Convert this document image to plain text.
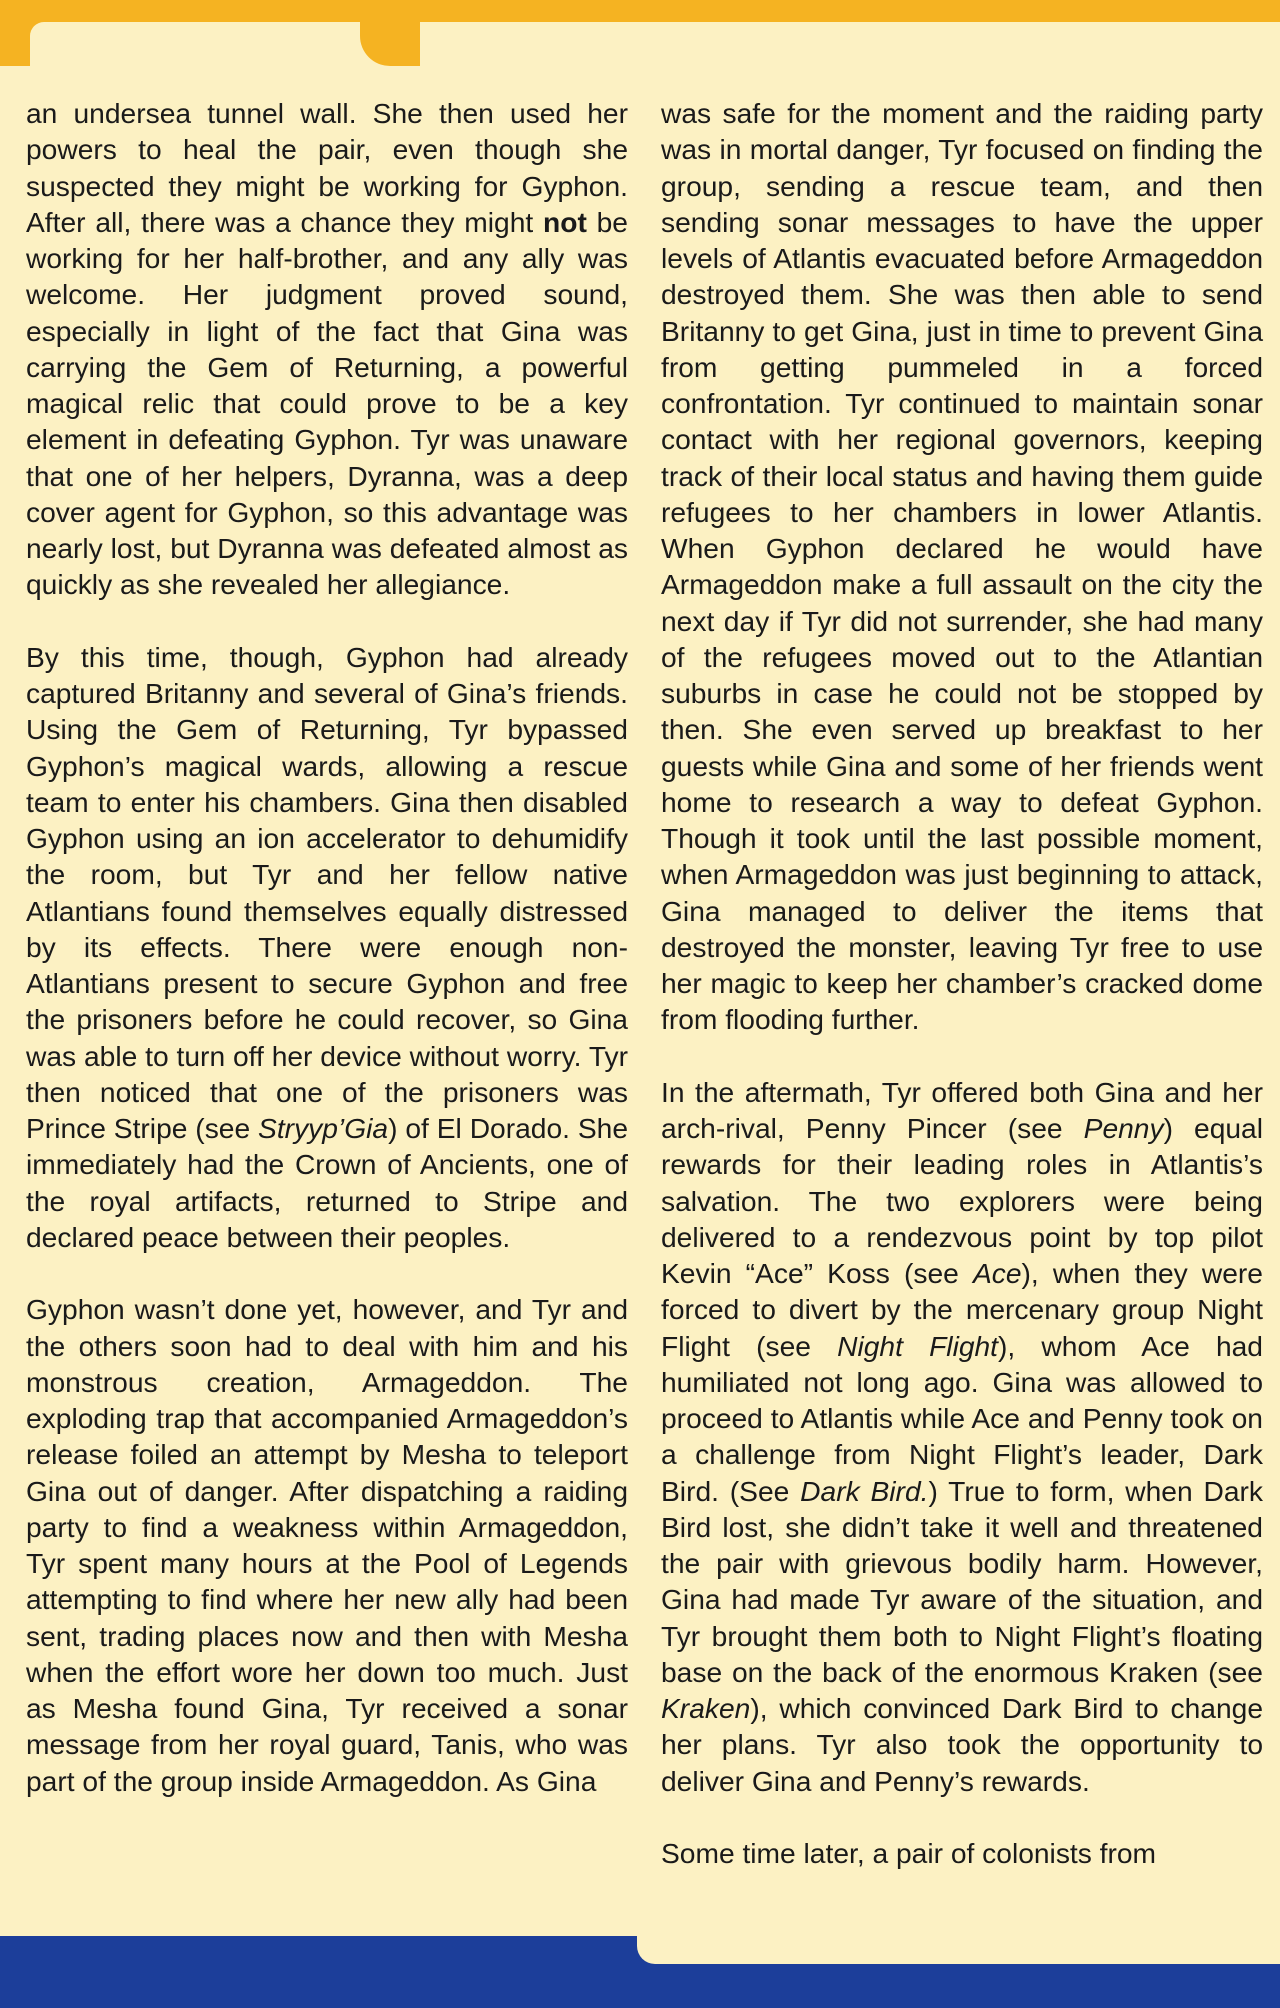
an undersea tunnel wall. She then used her powers to heal the pair, even though she suspected they might be working for Gyphon. After all, there was a chance they might not be working for her half-brother, and any ally was welcome. Her judgment proved sound, especially in light of the fact that Gina was carrying the Gem of Returning, a powerful magical relic that could prove to be a key element in defeating Gyphon. Tyr was unaware that one of her helpers, Dyranna, was a deep cover agent for Gyphon, so this advantage was nearly lost, but Dyranna was defeated almost as quickly as she revealed her allegiance.

By this time, though, Gyphon had already captured Britanny and several of Gina’s friends. Using the Gem of Returning, Tyr bypassed Gyphon’s magical wards, allowing a rescue team to enter his chambers. Gina then disabled Gyphon using an ion accelerator to dehumidify the room, but Tyr and her fellow native Atlantians found themselves equally distressed by its effects. There were enough non-Atlantians present to secure Gyphon and free the prisoners before he could recover, so Gina was able to turn off her device without worry. Tyr then noticed that one of the prisoners was Prince Stripe (see Stryyp’Gia) of El Dorado. She immediately had the Crown of Ancients, one of the royal artifacts, returned to Stripe and declared peace between their peoples.

Gyphon wasn’t done yet, however, and Tyr and the others soon had to deal with him and his monstrous creation, Armageddon. The exploding trap that accompanied Armageddon’s release foiled an attempt by Mesha to teleport Gina out of danger. After dispatching a raiding party to find a weakness within Armageddon, Tyr spent many hours at the Pool of Legends attempting to find where her new ally had been sent, trading places now and then with Mesha when the effort wore her down too much. Just as Mesha found Gina, Tyr received a sonar message from her royal guard, Tanis, who was part of the group inside Armageddon. As Gina

was safe for the moment and the raiding party was in mortal danger, Tyr focused on finding the group, sending a rescue team, and then sending sonar messages to have the upper levels of Atlantis evacuated before Armageddon destroyed them. She was then able to send Britanny to get Gina, just in time to prevent Gina from getting pummeled in a forced confrontation. Tyr continued to maintain sonar contact with her regional governors, keeping track of their local status and having them guide refugees to her chambers in lower Atlantis. When Gyphon declared he would have Armageddon make a full assault on the city the next day if Tyr did not surrender, she had many of the refugees moved out to the Atlantian suburbs in case he could not be stopped by then. She even served up breakfast to her guests while Gina and some of her friends went home to research a way to defeat Gyphon. Though it took until the last possible moment, when Armageddon was just beginning to attack, Gina managed to deliver the items that destroyed the monster, leaving Tyr free to use her magic to keep her chamber’s cracked dome from flooding further.

In the aftermath, Tyr offered both Gina and her arch-rival, Penny Pincer (see Penny) equal rewards for their leading roles in Atlantis’s salvation. The two explorers were being delivered to a rendezvous point by top pilot Kevin “Ace” Koss (see Ace), when they were forced to divert by the mercenary group Night Flight (see Night Flight), whom Ace had humiliated not long ago. Gina was allowed to proceed to Atlantis while Ace and Penny took on a challenge from Night Flight’s leader, Dark Bird. (See Dark Bird.) True to form, when Dark Bird lost, she didn’t take it well and threatened the pair with grievous bodily harm. However, Gina had made Tyr aware of the situation, and Tyr brought them both to Night Flight’s floating base on the back of the enormous Kraken (see Kraken), which convinced Dark Bird to change her plans. Tyr also took the opportunity to deliver Gina and Penny’s rewards.

Some time later, a pair of colonists from
